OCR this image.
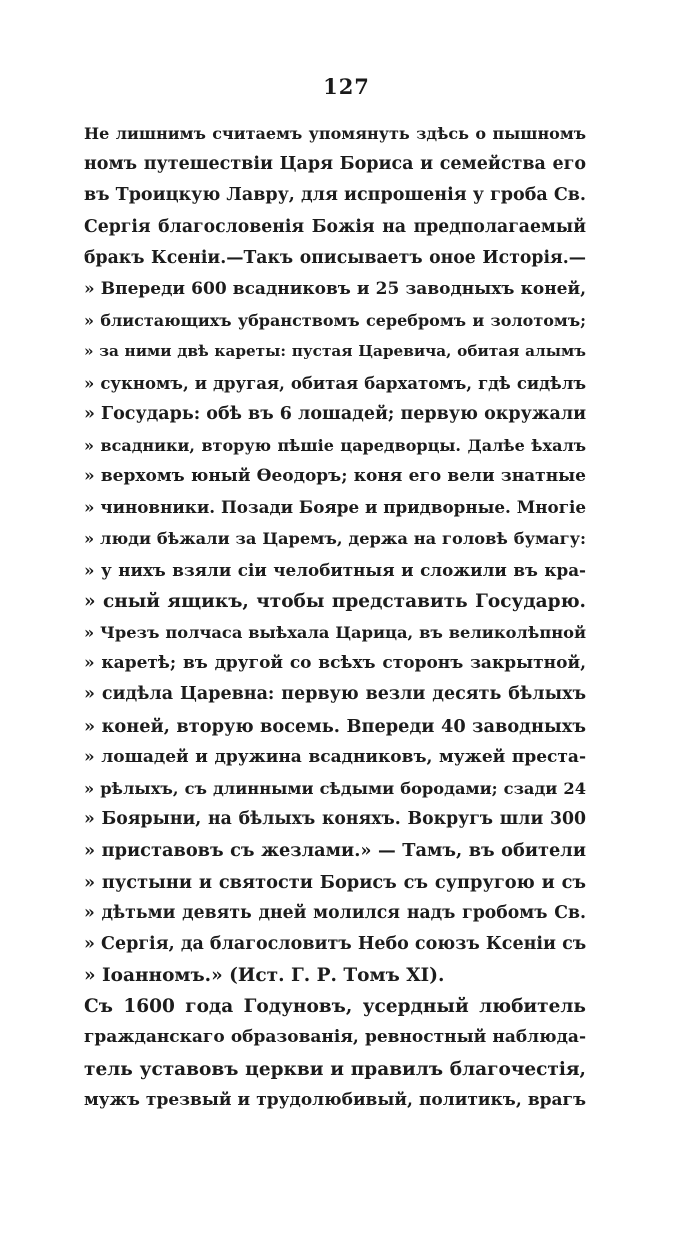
127
Не лишнимъ считаемъ упомянуть здѣсь о пышномъ
номъ путешествіи Царя Бориса и семейства его
въ Троицкую Лавру, для испрошенія у гроба Св.
Сергія благословенія Божія на предполагаемый
бракъ Ксеніи.—Такъ описываетъ оное Исторія.—
» Впереди 600 всадниковъ и 25 заводныхъ коней,
» блистающихъ убранствомъ серебромъ и золотомъ;
» за ними двѣ кареты: пустая Царевича, обитая алымъ
» сукномъ, и другая, обитая бархатомъ, гдѣ сидѣлъ
» Государь: обѣ въ 6 лошадей; первую окружали
» всадники, вторую пѣшіе царедворцы. Далѣе ѣхалъ
» верхомъ юный Ѳеодоръ; коня его вели знатные
» чиновники. Позади Бояре и придворные. Многіе
» люди бѣжали за Царемъ, держа на головѣ бумагу:
» у нихъ взяли сіи челобитныя и сложили въ кра-
» сный ящикъ, чтобы представить Государю.
» Чрезъ полчаса выѣхала Царица, въ великолѣпной
» каретѣ; въ другой со всѣхъ сторонъ закрытной,
» сидѣла Царевна: первую везли десять бѣлыхъ
» коней, вторую восемь. Впереди 40 заводныхъ
» лошадей и дружина всадниковъ, мужей преста-
» рѣлыхъ, съ длинными сѣдыми бородами; сзади 24
» Боярыни, на бѣлыхъ коняхъ. Вокругъ шли 300
» приставовъ съ жезлами.» — Тамъ, въ обители
» пустыни и святости Борисъ съ супругою и съ
» дѣтьми девять дней молился надъ гробомъ Св.
» Сергія, да благословитъ Небо союзъ Ксеніи съ
» Іоанномъ.» (Ист. Г. Р. Томъ XI).
Съ 1600 года Годуновъ, усердный любитель
гражданскаго образованія, ревностный наблюда-
тель уставовъ церкви и правилъ благочестія,
мужъ трезвый и трудолюбивый, политикъ, врагъ
